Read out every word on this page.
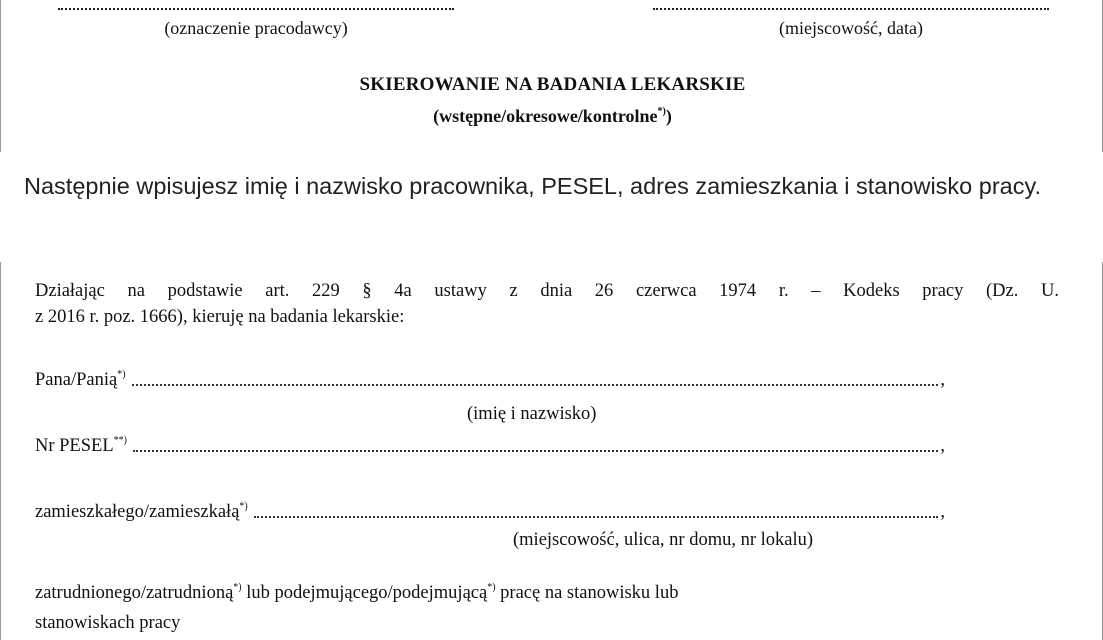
(oznaczenie pracodawcy)	(miejscowość, data)
SKIEROWANIE NA BADANIA LEKARSKIE
(wstępne/okresowe/kontrolne*))
Następnie wpisujesz imię i nazwisko pracownika, PESEL, adres zamieszkania i stanowisko pracy.
Działając na podstawie art. 229 § 4a ustawy z dnia 26 czerwca 1974 r. – Kodeks pracy (Dz. U.
z 2016 r. poz. 1666), kieruję na badania lekarskie:
Pana/Panią*)	,
(imię i nazwisko)
Nr PESEL**)	,
zamieszkałego/zamieszkałą*)	,
(miejscowość, ulica, nr domu, nr lokalu)
zatrudnionego/zatrudnioną*) lub podejmującego/podejmującą*) pracę na stanowisku lub
stanowiskach pracy
